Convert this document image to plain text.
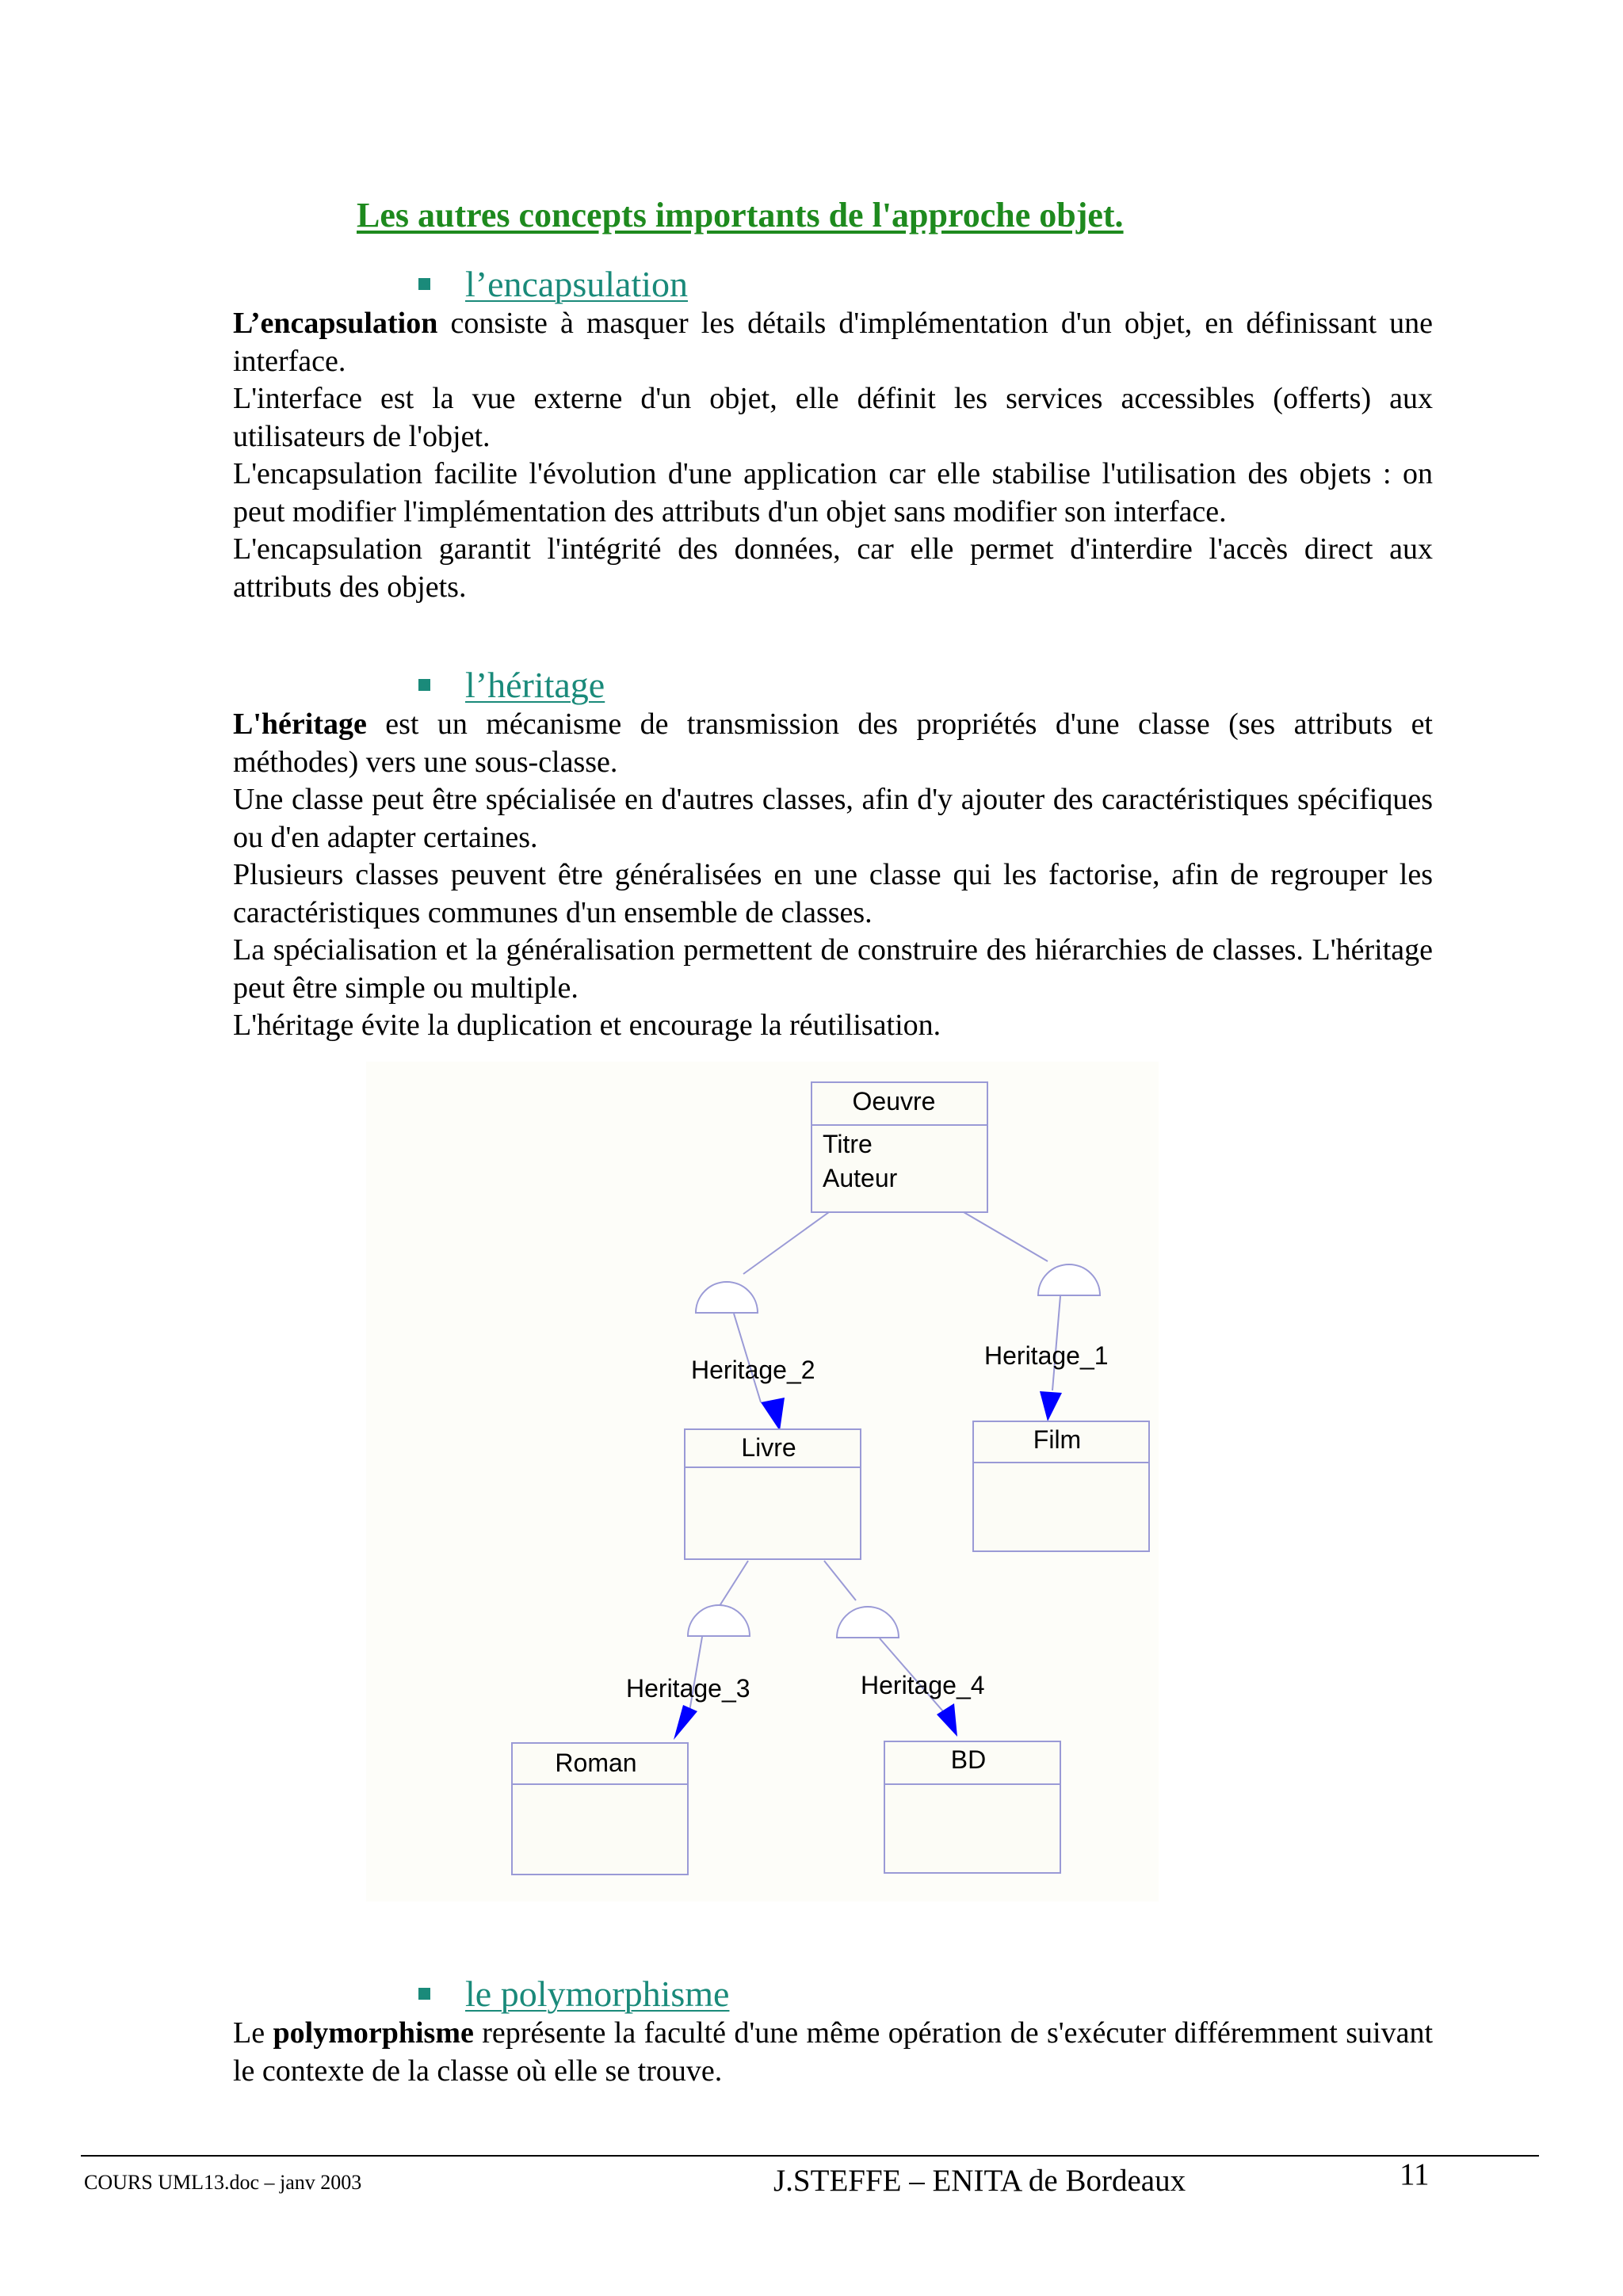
Les autres concepts importants de l'approche objet.
l’encapsulation

L’encapsulation consiste à masquer les détails d'implémentation d'un objet, en définissant une interface.

L'interface est la vue externe d'un objet, elle définit les services accessibles (offerts) aux utilisateurs de l'objet.

L'encapsulation facilite l'évolution d'une application car elle stabilise l'utilisation des objets : on peut modifier l'implémentation des attributs d'un objet sans modifier son interface.

L'encapsulation garantit l'intégrité des données, car elle permet d'interdire l'accès direct aux attributs des objets.

l’héritage

L'héritage est un mécanisme de transmission des propriétés d'une classe (ses attributs et méthodes) vers une sous-classe.

Une classe peut être spécialisée en d'autres classes, afin d'y ajouter des caractéristiques spécifiques ou d'en adapter certaines.

Plusieurs classes peuvent être généralisées en une classe qui les factorise, afin de regrouper les caractéristiques communes d'un ensemble de classes.

La spécialisation et la généralisation permettent de construire des hiérarchies de classes. L'héritage peut être simple ou multiple.

L'héritage évite la duplication et encourage la réutilisation.

Oeuvre
Titre
Auteur
Livre	Film
Roman	BD
Heritage_2	Heritage_1
Heritage_3	Heritage_4
le polymorphisme

Le polymorphisme représente la faculté d'une même opération de s'exécuter différemment suivant le contexte de la classe où elle se trouve.

COURS UML13.doc – janv 2003	J.STEFFE – ENITA de Bordeaux	11
